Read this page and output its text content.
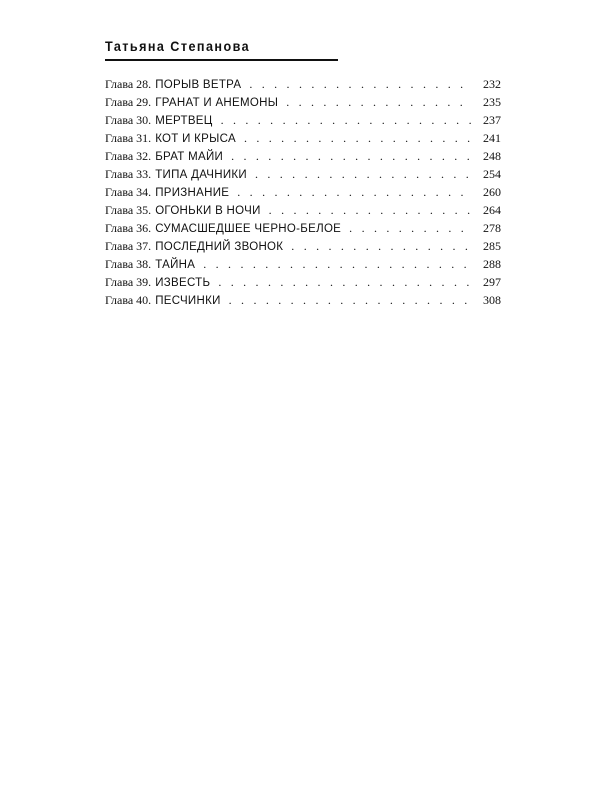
Татьяна Степанова
Глава 28. ПОРЫВ ВЕТРА . . .	232
Глава 29. ГРАНАТ И АНЕМОНЫ . . .	235
Глава 30. МЕРТВЕЦ . . .	237
Глава 31. КОТ И КРЫСА . . .	241
Глава 32. БРАТ МАЙИ . . .	248
Глава 33. ТИПА ДАЧНИКИ . . .	254
Глава 34. ПРИЗНАНИЕ . . .	260
Глава 35. ОГОНЬКИ В НОЧИ . . .	264
Глава 36. СУМАСШЕДШЕЕ ЧЕРНО-БЕЛОЕ . . .	278
Глава 37. ПОСЛЕДНИЙ ЗВОНОК . . .	285
Глава 38. ТАЙНА . . .	288
Глава 39. ИЗВЕСТЬ . . .	297
Глава 40. ПЕСЧИНКИ . . .	308
